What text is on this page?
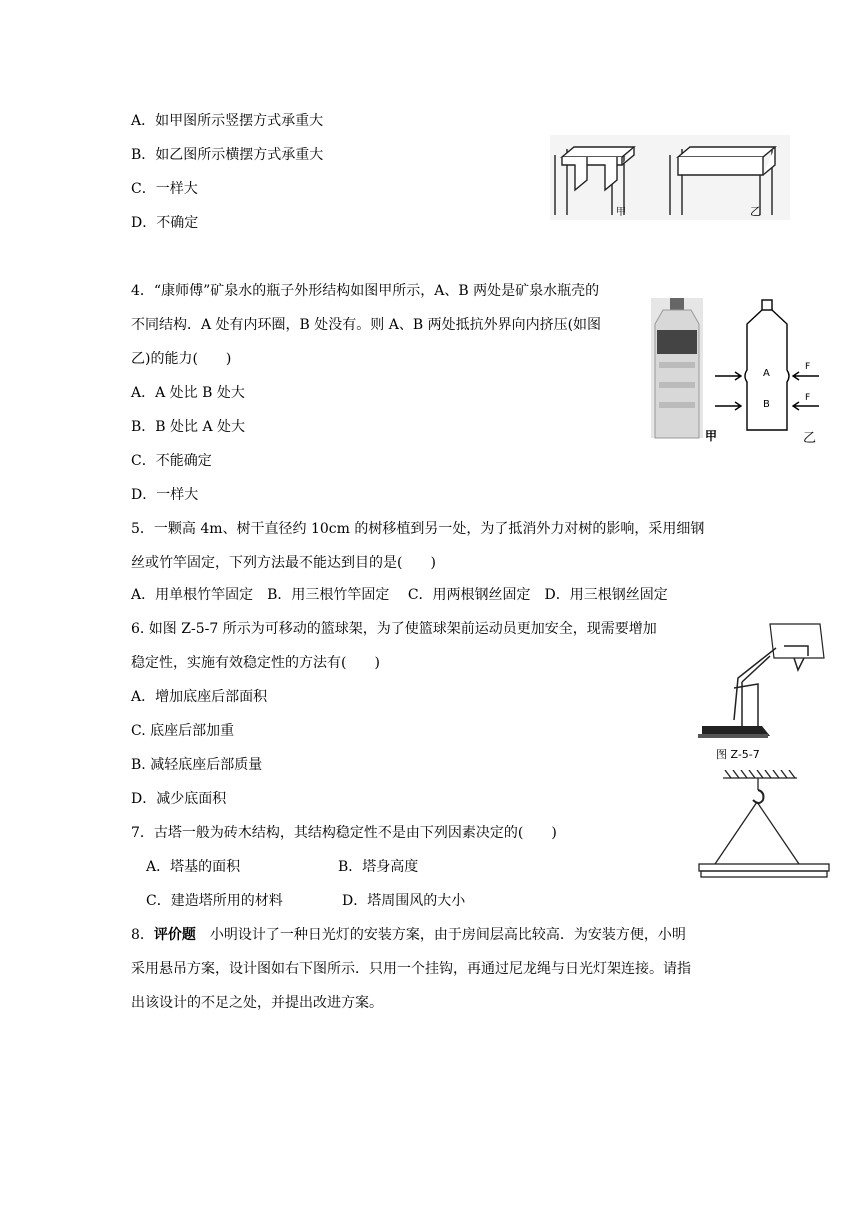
A．如甲图所示竖摆方式承重大
B．如乙图所示横摆方式承重大
C．一样大
D．不确定
甲	乙
4．“康师傅”矿泉水的瓶子外形结构如图甲所示，A、B 两处是矿泉水瓶壳的
不同结构．A 处有内环圈，B 处没有。则 A、B 两处抵抗外界向内挤压(如图
乙)的能力(　　)
A．A 处比 B 处大
B．B 处比 A 处大
C．不能确定
D．一样大
甲
A
B
F
F
乙
5．一颗高 4m、树干直径约 10cm 的树移植到另一处，为了抵消外力对树的影响，采用细钢
丝或竹竿固定，下列方法最不能达到目的是(　　)
A．用单根竹竿固定　B．用三根竹竿固定　 C．用两根钢丝固定　D．用三根钢丝固定
6. 如图 Z-5-7 所示为可移动的篮球架，为了使篮球架前运动员更加安全，现需要增加
稳定性，实施有效稳定性的方法有(　　)
A．增加底座后部面积
C. 底座后部加重
B. 减轻底座后部质量
D．减少底面积
图 Z-5-7
7．古塔一般为砖木结构，其结构稳定性不是由下列因素决定的(　　)
A．塔基的面积	B．塔身高度
C．建造塔所用的材料	D．塔周围风的大小
8．评价题　小明设计了一种日光灯的安装方案，由于房间层高比较高．为安装方便，小明
采用悬吊方案，设计图如右下图所示．只用一个挂钩，再通过尼龙绳与日光灯架连接。请指
出该设计的不足之处，并提出改进方案。
